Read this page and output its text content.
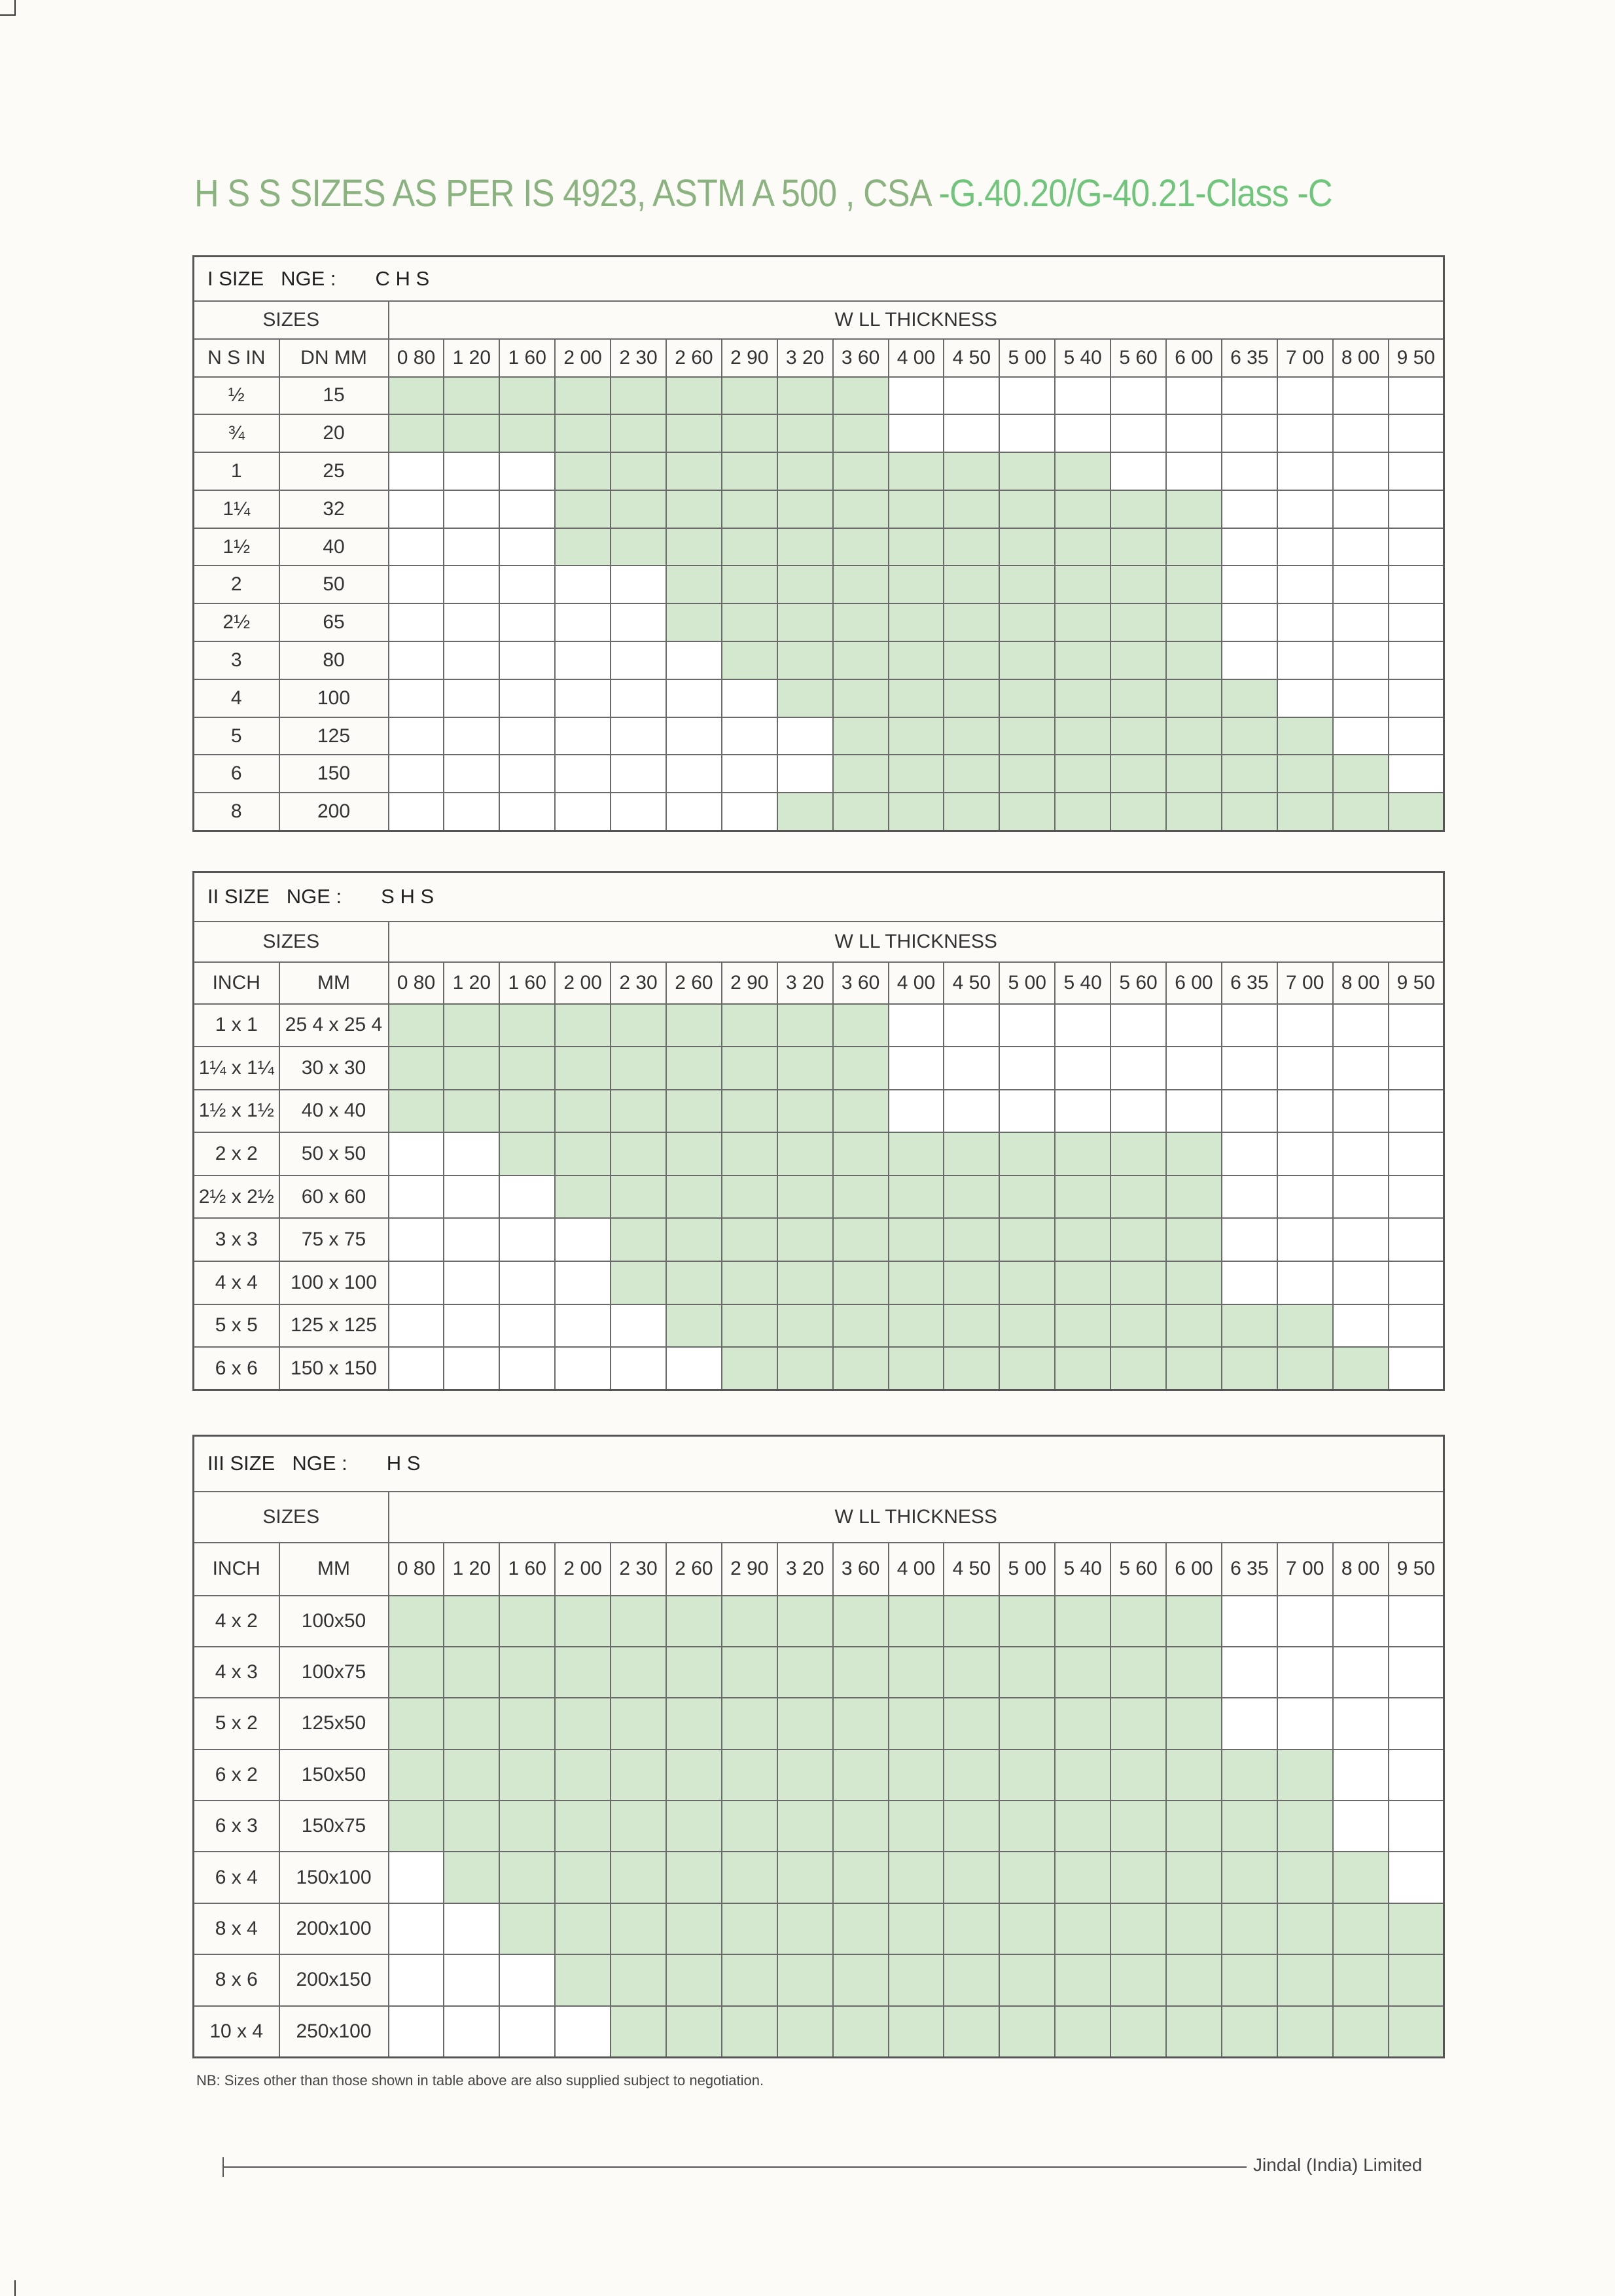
H S S SIZES AS PER IS 4923, ASTM A 500 , CSA -G.40.20/G-40.21-Class -C
I SIZE NGE : C H S																				
SIZES		W LL THICKNESS																		
N S IN	DN MM	0 80	1 20	1 60	2 00	2 30	2 60	2 90	3 20	3 60	4 00	4 50	5 00	5 40	5 60	6 00	6 35	7 00	8 00	9 50
½	15																			
¾	20																			
1	25																			
1¼	32																			
1½	40																			
2	50																			
2½	65																			
3	80																			
4	100																			
5	125																			
6	150																			
8	200																			
II SIZE NGE : S H S																				
SIZES		W LL THICKNESS																		
INCH	MM	0 80	1 20	1 60	2 00	2 30	2 60	2 90	3 20	3 60	4 00	4 50	5 00	5 40	5 60	6 00	6 35	7 00	8 00	9 50
1 x 1	25 4 x 25 4																			
1¼ x 1¼	30 x 30																			
1½ x 1½	40 x 40																			
2 x 2	50 x 50																			
2½ x 2½	60 x 60																			
3 x 3	75 x 75																			
4 x 4	100 x 100																			
5 x 5	125 x 125																			
6 x 6	150 x 150																			
III SIZE NGE : H S																				
SIZES		W LL THICKNESS																		
INCH	MM	0 80	1 20	1 60	2 00	2 30	2 60	2 90	3 20	3 60	4 00	4 50	5 00	5 40	5 60	6 00	6 35	7 00	8 00	9 50
4 x 2	100x50																			
4 x 3	100x75																			
5 x 2	125x50																			
6 x 2	150x50																			
6 x 3	150x75																			
6 x 4	150x100																			
8 x 4	200x100																			
8 x 6	200x150																			
10 x 4	250x100																			

NB: Sizes other than those shown in table above are also supplied subject to negotiation.

Jindal (India) Limited
